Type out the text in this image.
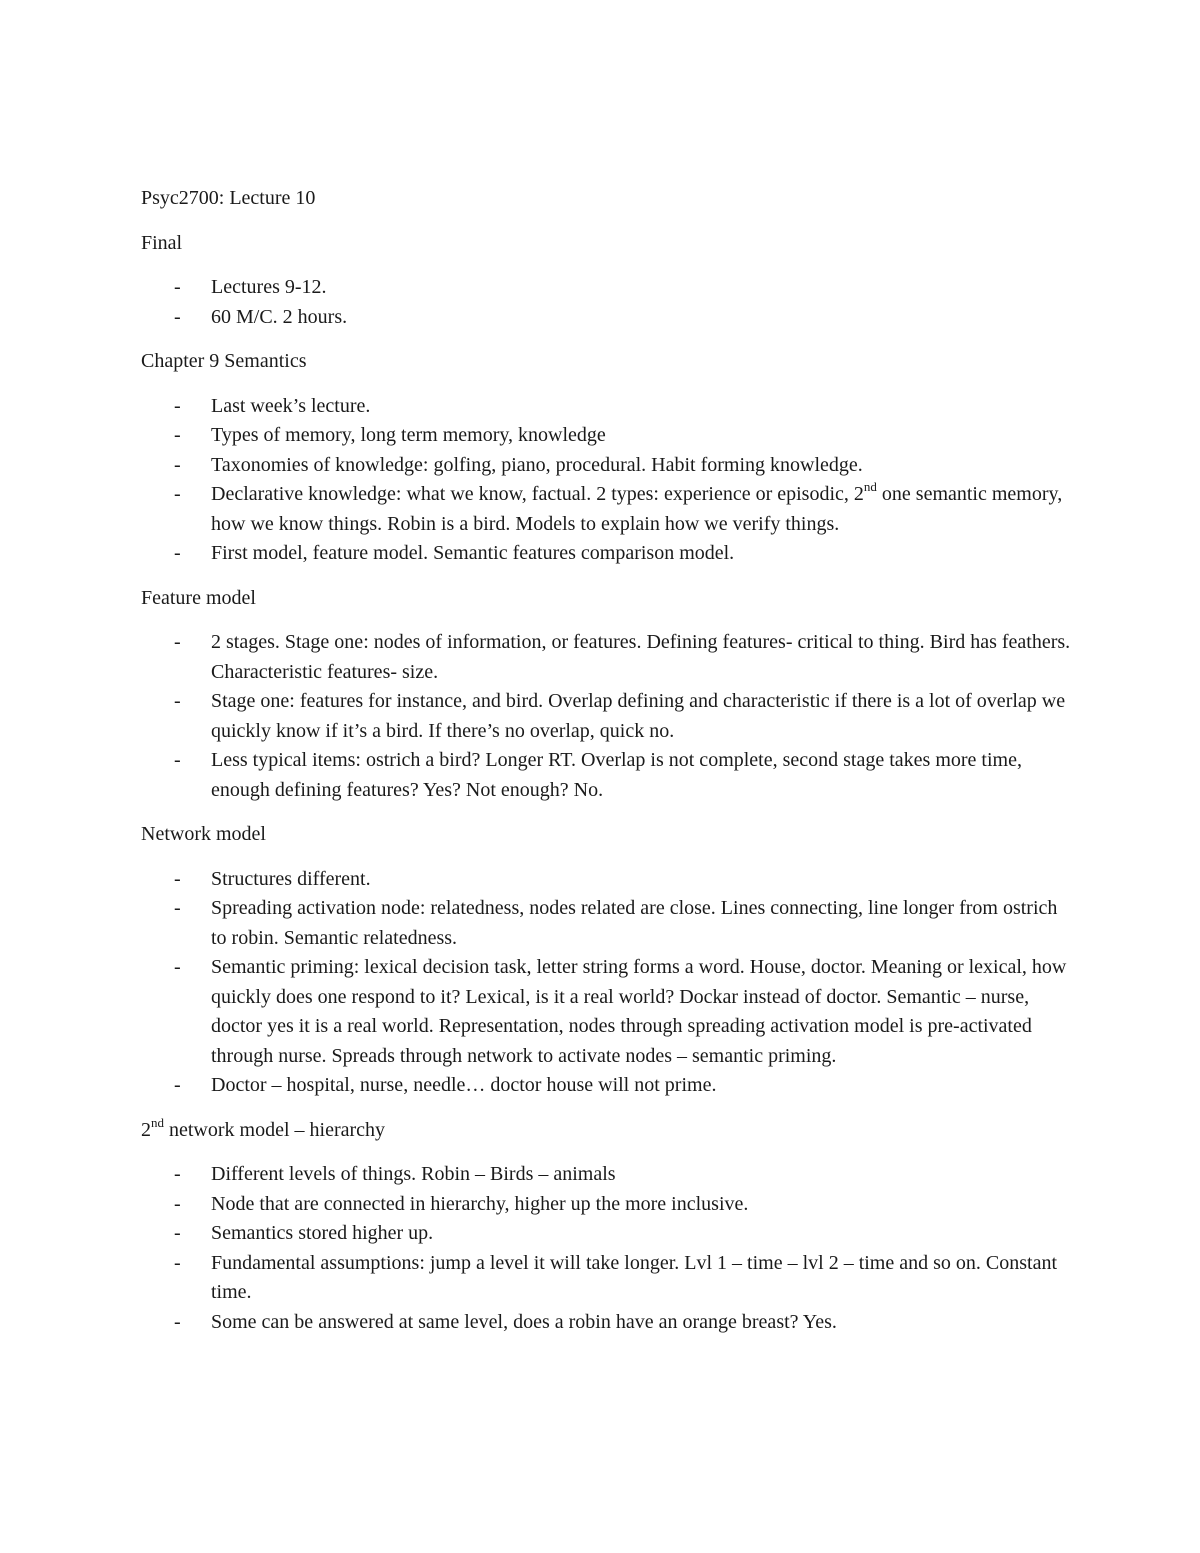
Psyc2700: Lecture 10

Final

- Lectures 9-12.
- 60 M/C. 2 hours.

Chapter 9 Semantics

- Last week’s lecture.
- Types of memory, long term memory, knowledge
- Taxonomies of knowledge: golfing, piano, procedural. Habit forming knowledge.
- Declarative knowledge: what we know, factual. 2 types: experience or episodic, 2nd one semantic memory, how we know things. Robin is a bird. Models to explain how we verify things.
- First model, feature model. Semantic features comparison model.

Feature model

- 2 stages. Stage one: nodes of information, or features. Defining features- critical to thing. Bird has feathers. Characteristic features- size.
- Stage one: features for instance, and bird. Overlap defining and characteristic if there is a lot of overlap we quickly know if it’s a bird. If there’s no overlap, quick no.
- Less typical items: ostrich a bird? Longer RT. Overlap is not complete, second stage takes more time, enough defining features? Yes? Not enough? No.

Network model

- Structures different.
- Spreading activation node: relatedness, nodes related are close. Lines connecting, line longer from ostrich to robin. Semantic relatedness.
- Semantic priming: lexical decision task, letter string forms a word. House, doctor. Meaning or lexical, how quickly does one respond to it? Lexical, is it a real world? Dockar instead of doctor. Semantic – nurse, doctor yes it is a real world. Representation, nodes through spreading activation model is pre-activated through nurse. Spreads through network to activate nodes – semantic priming.
- Doctor – hospital, nurse, needle… doctor house will not prime.

2nd network model – hierarchy

- Different levels of things. Robin – Birds – animals
- Node that are connected in hierarchy, higher up the more inclusive.
- Semantics stored higher up.
- Fundamental assumptions: jump a level it will take longer. Lvl 1 – time – lvl 2 – time and so on. Constant time.
- Some can be answered at same level, does a robin have an orange breast? Yes.
